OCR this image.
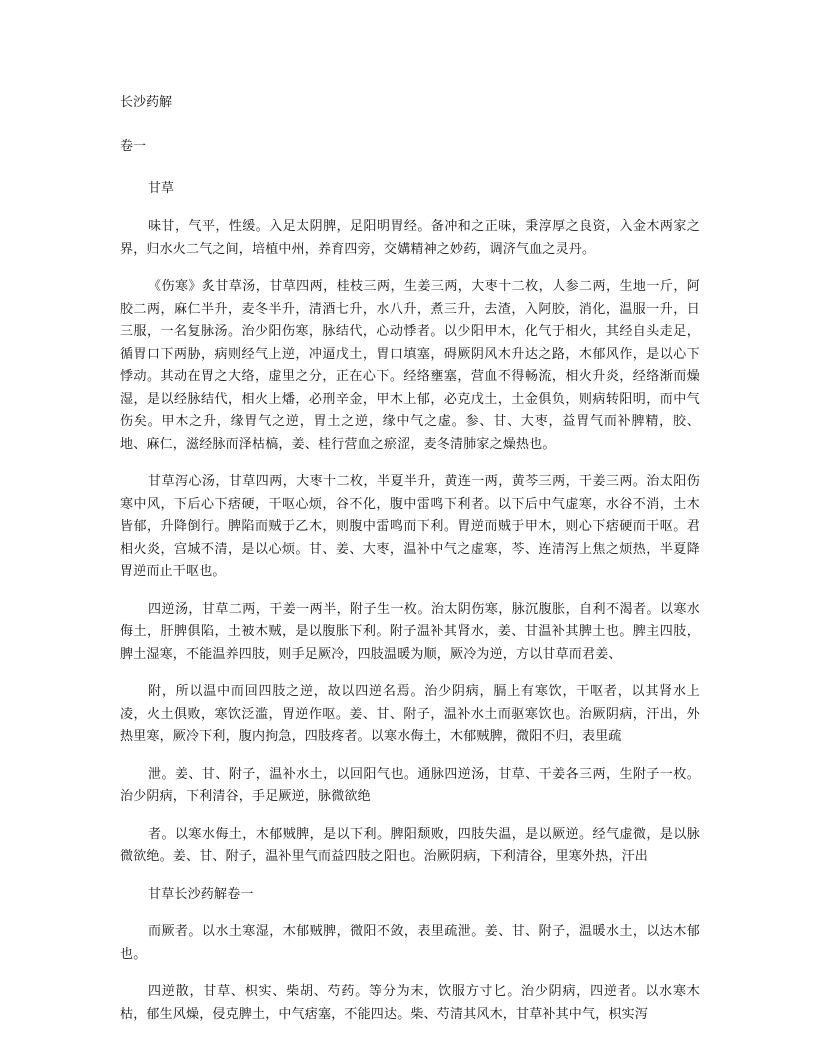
长沙药解

卷一

甘草

味甘，气平，性缓。入足太阴脾，足阳明胃经。备冲和之正味，秉淳厚之良资，入金木两家之界，归水火二气之间，培植中州，养育四旁，交媾精神之妙药，调济气血之灵丹。

《伤寒》炙甘草汤，甘草四两，桂枝三两，生姜三两，大枣十二枚，人参二两，生地一斤，阿胶二两，麻仁半升，麦冬半升，清酒七升，水八升，煮三升，去渣，入阿胶，消化，温服一升，日三服，一名复脉汤。治少阳伤寒，脉结代，心动悸者。以少阳甲木，化气于相火，其经自头走足，循胃口下两胁，病则经气上逆，冲逼戊土，胃口填塞，碍厥阴风木升达之路，木郁风作，是以心下悸动。其动在胃之大络，虚里之分，正在心下。经络壅塞，营血不得畅流，相火升炎，经络渐而燥湿，是以经脉结代，相火上燔，必刑辛金，甲木上郁，必克戊土，土金俱负，则病转阳明，而中气伤矣。甲木之升，缘胃气之逆，胃土之逆，缘中气之虚。参、甘、大枣，益胃气而补脾精，胶、地、麻仁，滋经脉而泽枯槁，姜、桂行营血之瘀涩，麦冬清肺家之燥热也。

甘草泻心汤，甘草四两，大枣十二枚，半夏半升，黄连一两，黄芩三两，干姜三两。治太阳伤寒中风，下后心下痞硬，干呕心烦，谷不化，腹中雷鸣下利者。以下后中气虚寒，水谷不消，土木皆郁，升降倒行。脾陷而贼于乙木，则腹中雷鸣而下利。胃逆而贼于甲木，则心下痞硬而干呕。君相火炎，宫城不清，是以心烦。甘、姜、大枣，温补中气之虚寒，芩、连清泻上焦之烦热，半夏降胃逆而止干呕也。

四逆汤，甘草二两，干姜一两半，附子生一枚。治太阴伤寒，脉沉腹胀，自利不渴者。以寒水侮土，肝脾俱陷，土被木贼，是以腹胀下利。附子温补其肾水，姜、甘温补其脾土也。脾主四肢，脾土湿寒，不能温养四肢，则手足厥冷，四肢温暖为顺，厥冷为逆，方以甘草而君姜、

附，所以温中而回四肢之逆，故以四逆名焉。治少阴病，膈上有寒饮，干呕者，以其肾水上凌，火土俱败，寒饮泛滥，胃逆作呕。姜、甘、附子，温补水土而驱寒饮也。治厥阴病，汗出，外热里寒，厥冷下利，腹内拘急，四肢疼者。以寒水侮土，木郁贼脾，微阳不归，表里疏

泄。姜、甘、附子，温补水土，以回阳气也。通脉四逆汤，甘草、干姜各三两，生附子一枚。治少阴病，下利清谷，手足厥逆，脉微欲绝

者。以寒水侮土，木郁贼脾，是以下利。脾阳颓败，四肢失温，是以厥逆。经气虚微，是以脉微欲绝。姜、甘、附子，温补里气而益四肢之阳也。治厥阴病，下利清谷，里寒外热，汗出

甘草长沙药解卷一

而厥者。以水土寒湿，木郁贼脾，微阳不敛，表里疏泄。姜、甘、附子，温暖水土，以达木郁也。

四逆散，甘草、枳实、柴胡、芍药。等分为末，饮服方寸匕。治少阴病，四逆者。以水寒木枯，郁生风燥，侵克脾土，中气痞塞，不能四达。柴、芍清其风木，甘草补其中气，枳实泻
